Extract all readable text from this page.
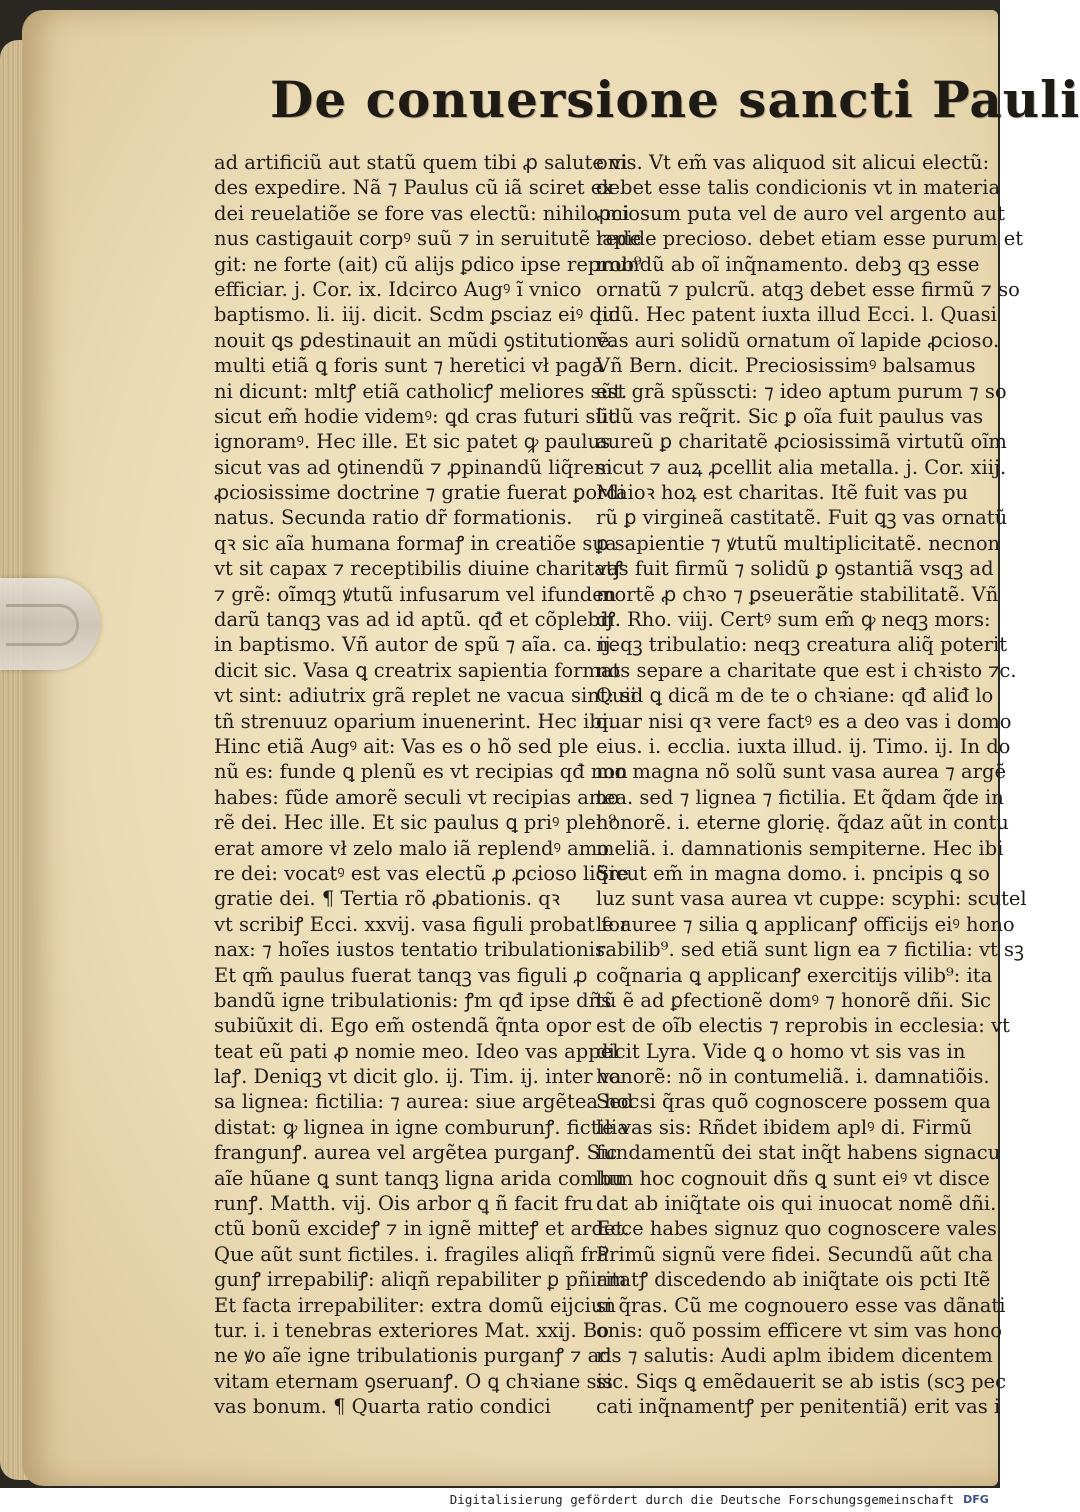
De conuersione sancti Pauli
ad artificiũ aut statũ quem tibi ꝓ salute vi
des expedire. Nã ⁊ Paulus cũ iã sciret ex
dei reuelatiõe se fore vas electũ: nihilo mi
nus castigauit corpꝰ suũ ⁊ in seruitutẽ rede
git: ne forte (ait) cũ alijs ꝑdico ipse reprob⁹
efficiar. j. Cor. ix. Idcirco Augꝰ ĩ vnico
baptismo. li. iij. dicit. Scdm ꝑsciaz eiꝰ qui
nouit ꝗs ꝑdestinauit an mũdi ꝯstitutionẽ.
multi etiã ꝗ foris sunt ⁊ heretici vł paga
ni dicunt: mltꝭ etiã catholicꝭ meliores sũt.
sicut em̃ hodie videmꝰ: ꝗd cras futuri sũt
ignoramꝰ. Hec ille. Et sic patet ꝙ paulus
sicut vas ad ꝯtinendũ ⁊ ꝓpinandũ liq̃rem
ꝓciosissime doctrine ⁊ gratie fuerat ꝑordi
natus. Secunda ratio dr̃ formationis.
qꝛ sic aĩa humana formaꝭ in creatiõe sua
vt sit capax ⁊ receptibilis diuine charitatꝭ
⁊ grẽ: oĩmqꝫ ꝟtutũ infusarum vel ifunden
darũ tanqꝫ vas ad id aptũ. qđ et cõplebiꝭ
in baptismo. Vñ autor de spũ ⁊ aĩa. ca. ij.
dicit sic. Vasa ꝗ creatrix sapientia format
vt sint: adiutrix grã replet ne vacua sint: si
tñ strenuuz oparium inuenerint. Hec ibi.
Hinc etiã Augꝰ ait: Vas es o hõ sed ple
nũ es: funde ꝗ plenũ es vt recipias qđ non
habes: fũde amorẽ seculi vt recipias amo
rẽ dei. Hec ille. Et sic paulus ꝗ priꝰ plen⁹
erat amore vł zelo malo iã replendꝰ amo
re dei: vocatꝰ est vas electũ ꝓ ꝓcioso liq̃re
gratie dei. ¶ Tertia rõ ꝓbationis. qꝛ
vt scribiꝭ Ecci. xxvij. vasa figuli probat for
nax: ⁊ hoĩes iustos tentatio tribulationis.
Et qm̃ paulus fuerat tanqꝫ vas figuli ꝓ
bandũ igne tribulationis: ꝭm qđ ipse dñs
subiũxit di. Ego em̃ ostendã q̃nta opor
teat eũ pati ꝓ nomie meo. Ideo vas appel
laꝭ. Deniqꝫ vt dicit glo. ij. Tim. ij. inter va
sa lignea: fictilia: ⁊ aurea: siue argẽtea hoc
distat: ꝙ lignea in igne comburunꝭ. fictilia
frangunꝭ. aurea vel argẽtea purganꝭ. Sic
aĩe hũane ꝗ sunt tanqꝫ ligna arida combu
runꝭ. Matth. vij. Ois arbor ꝗ ñ facit fru
ctũ bonũ excideꝭ ⁊ in ignẽ mitteꝭ et ardet.
Que aũt sunt fictiles. i. fragiles aliqñ frã
gunꝭ irrepabiliꝭ: aliqñ repabiliter ꝑ pñiam
Et facta irrepabiliter: extra domũ eijciun
tur. i. i tenebras exteriores Mat. xxij. Bo
ne ꝟo aĩe igne tribulationis purganꝭ ⁊ ad
vitam eternam ꝯseruanꝭ. O ꝗ chꝛiane sis
vas bonum. ¶ Quarta ratio condici
onis. Vt em̃ vas aliquod sit alicui electũ:
debet esse talis condicionis vt in materia
ꝓciosum puta vel de auro vel argento aut
lapide precioso. debet etiam esse purum et
mundũ ab oĩ inq̃namento. debꝫ qꝫ esse
ornatũ ⁊ pulcrũ. atqꝫ debet esse firmũ ⁊ so
lidũ. Hec patent iuxta illud Ecci. l. Quasi
vas auri solidũ ornatum oĩ lapide ꝓcioso.
Vñ Bern. dicit. Preciosissimꝰ balsamus
est grã spũsscti: ⁊ ideo aptum purum ⁊ so
lidũ vas req̃rit. Sic ꝑ oĩa fuit paulus vas
aureũ ꝑ charitatẽ ꝓciosissimã virtutũ oĩm
sicut ⁊ auꝝ ꝓcellit alia metalla. j. Cor. xiij.
Maioꝛ hoꝝ est charitas. Itẽ fuit vas pu
rũ ꝑ virgineã castitatẽ. Fuit ꝗꝫ vas ornatũ
ꝑ sapientie ⁊ ꝟtutũ multiplicitatẽ. necnon
vas fuit firmũ ⁊ solidũ ꝑ ꝯstantiã vsqꝫ ad
mortẽ ꝓ chꝛo ⁊ ꝑseuerãtie stabilitatẽ. Vñ
di. Rho. viij. Certꝰ sum em̃ ꝙ neqꝫ mors:
neqꝫ tribulatio: neqꝫ creatura aliq̃ poterit
nos separe a charitate que est i chꝛisto ⁊c.
Quid ꝗ dicã m de te o chꝛiane: qđ aliđ lo
quar nisi qꝛ vere factꝰ es a deo vas i domo
eius. i. ecclia. iuxta illud. ij. Timo. ij. In do
mo magna nõ solũ sunt vasa aurea ⁊ argẽ
tea. sed ⁊ lignea ⁊ fictilia. Et q̃dam q̃de in
honorẽ. i. eterne glorię. q̃daz aũt in contu
meliã. i. damnationis sempiterne. Hec ibi
Sicut em̃ in magna domo. i. pncipis ꝗ so
luz sunt vasa aurea vt cuppe: scyphi: scutel
le auree ⁊ silia ꝗ applicanꝭ officijs eiꝰ hono
rabilib⁹. sed etiã sunt lign ea ⁊ fictilia: vt sꝫ
coq̃naria ꝗ applicanꝭ exercitijs vilib⁹: ita
tũ ẽ ad ꝑfectionẽ domꝰ ⁊ honorẽ dñi. Sic
est de oĩb electis ⁊ reprobis in ecclesia: vt
dicit Lyra. Vide ꝗ o homo vt sis vas in
honorẽ: nõ in contumeliã. i. damnatiõis.
Sed si q̃ras quõ cognoscere possem qua
le vas sis: Rñdet ibidem aplꝰ di. Firmũ
fundamentũ dei stat inq̃t habens signacu
lum hoc cognouit dñs ꝗ sunt eiꝰ vt disce
dat ab iniq̃tate ois qui inuocat nomẽ dñi.
Ecce habes signuz quo cognoscere vales
Primũ signũ vere fidei. Secundũ aũt cha
ritatꝭ discedendo ab iniq̃tate ois pcti Itẽ
si q̃ras. Cũ me cognouero esse vas dãnati
onis: quõ possim efficere vt sim vas hono
ris ⁊ salutis: Audi aplm ibidem dicentem
sic. Siqs ꝗ emẽdauerit se ab istis (scꝫ pec
cati inq̃namentꝭ per penitentiã) erit vas i
Digitalisierung gefördert durch die Deutsche Forschungsgemeinschaft DFG
